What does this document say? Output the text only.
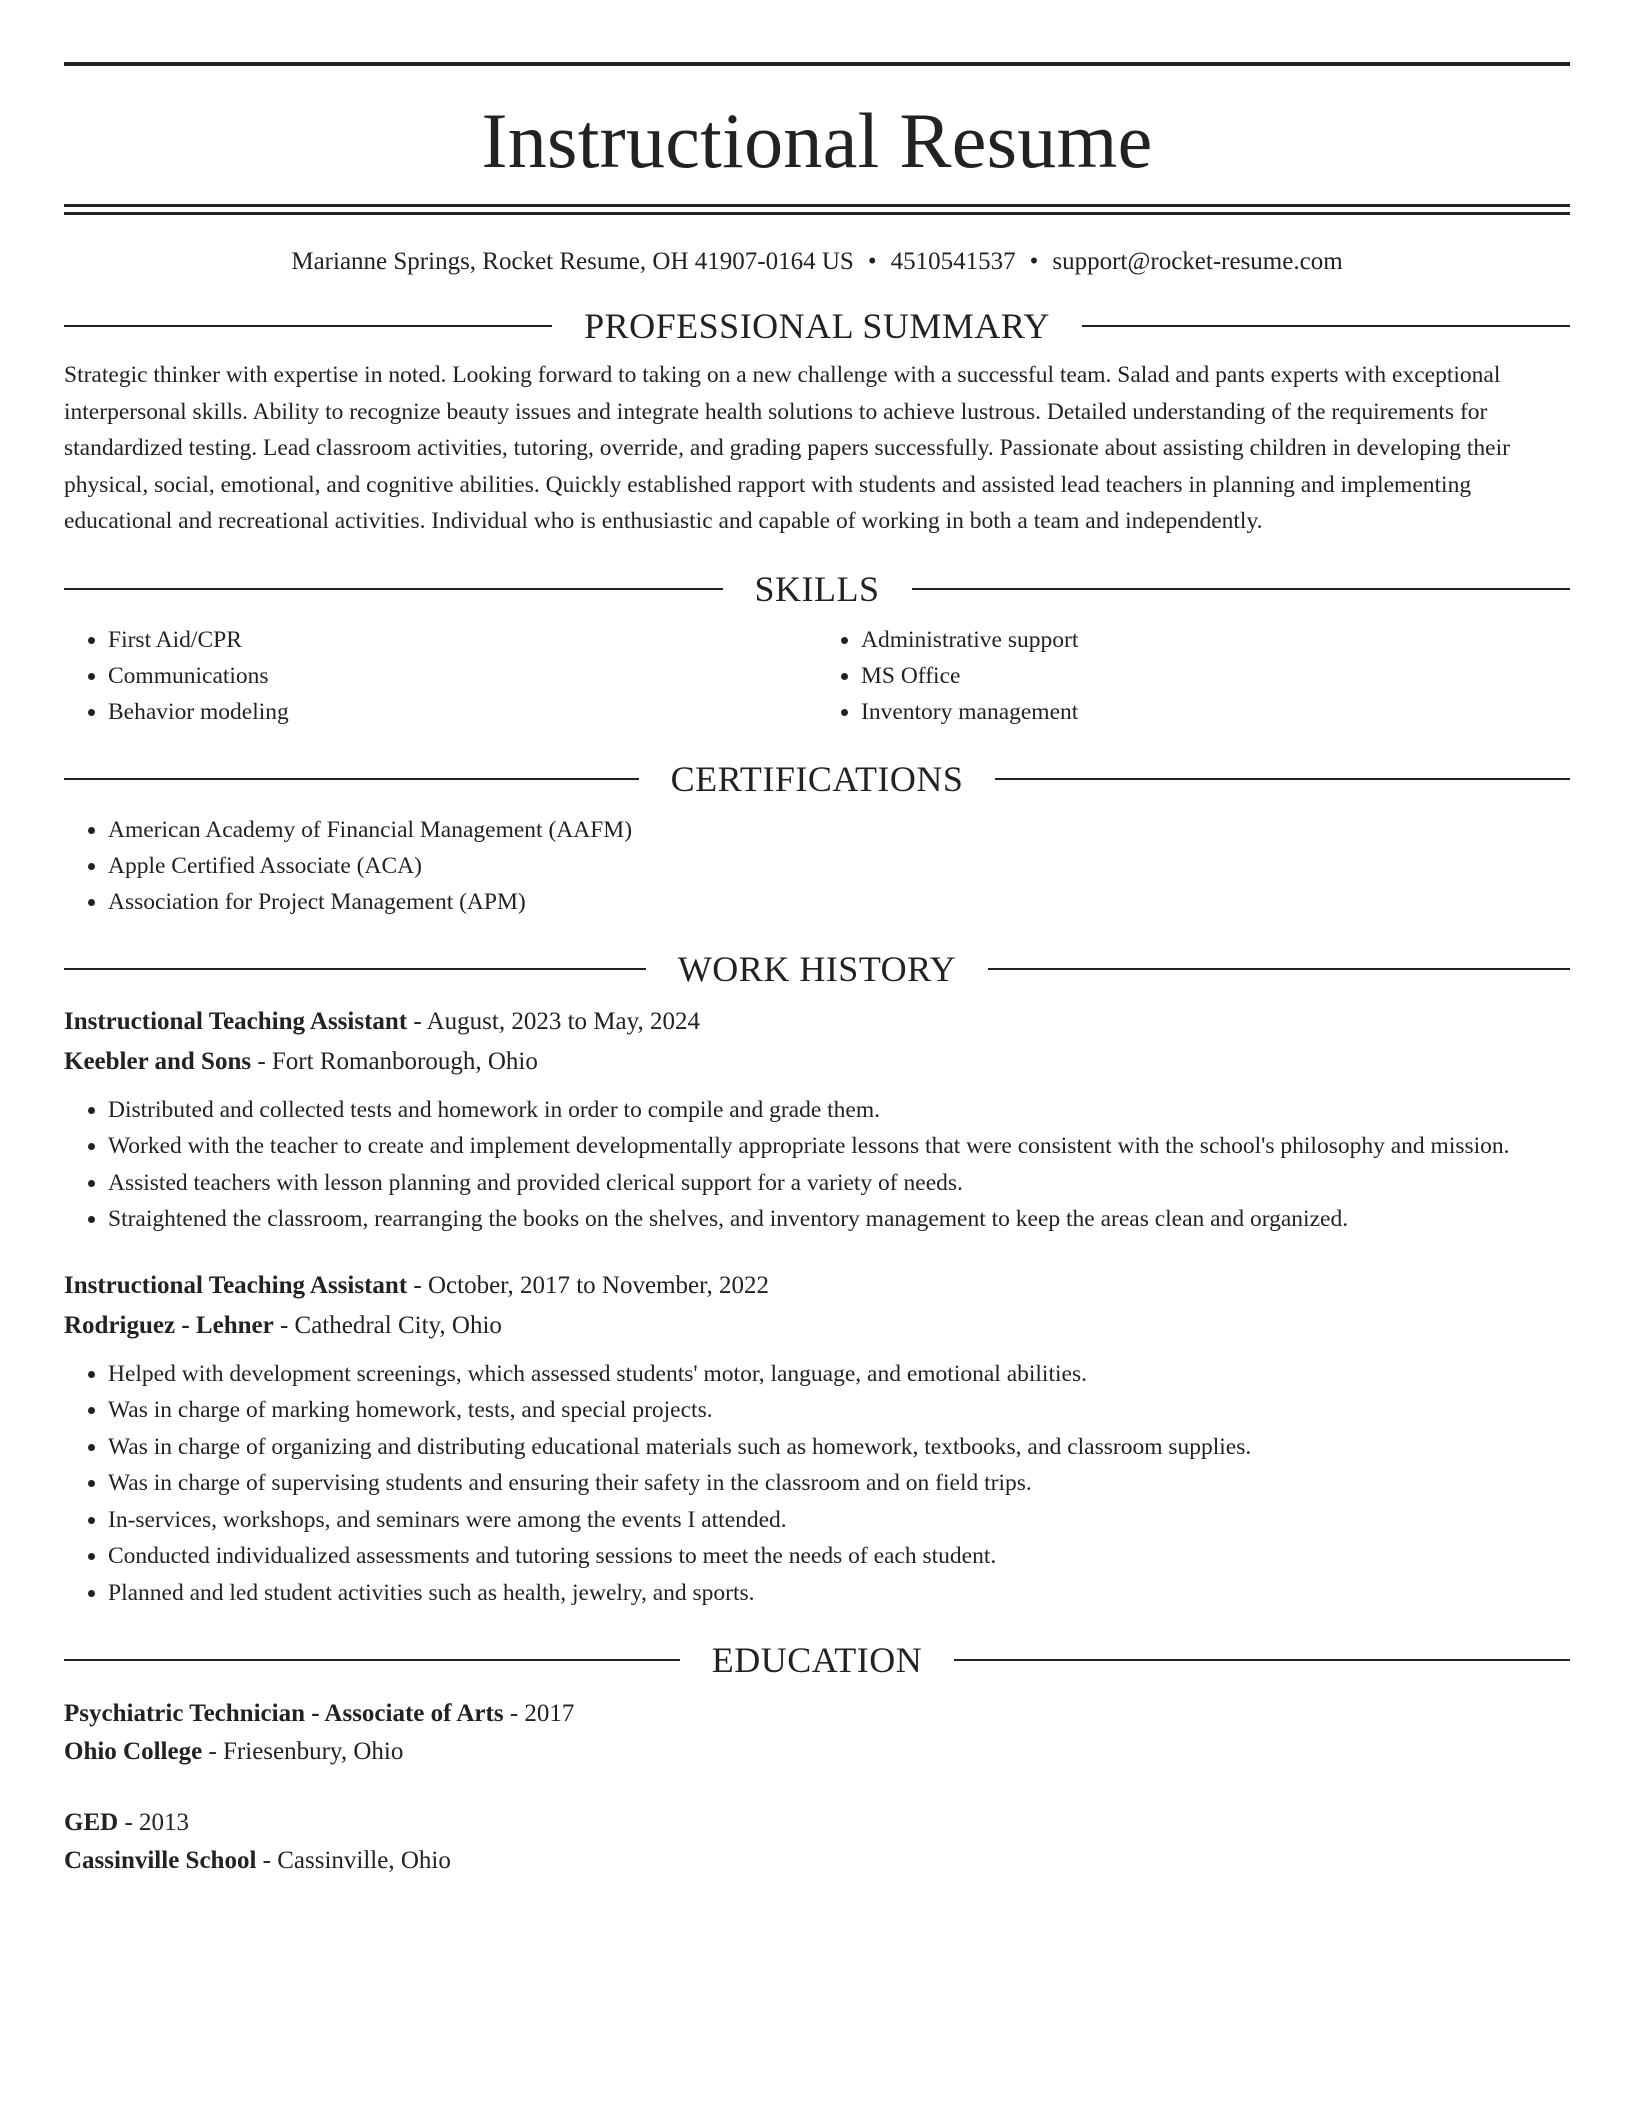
Instructional Resume
Marianne Springs, Rocket Resume, OH 41907-0164 US • 4510541537 • support@rocket-resume.com
PROFESSIONAL SUMMARY

Strategic thinker with expertise in noted. Looking forward to taking on a new challenge with a successful team. Salad and pants experts with exceptional interpersonal skills. Ability to recognize beauty issues and integrate health solutions to achieve lustrous. Detailed understanding of the requirements for standardized testing. Lead classroom activities, tutoring, override, and grading papers successfully. Passionate about assisting children in developing their physical, social, emotional, and cognitive abilities. Quickly established rapport with students and assisted lead teachers in planning and implementing educational and recreational activities. Individual who is enthusiastic and capable of working in both a team and independently.

SKILLS
• First Aid/CPR
• Communications
• Behavior modeling
• Administrative support
• MS Office
• Inventory management
CERTIFICATIONS
• American Academy of Financial Management (AAFM)
• Apple Certified Associate (ACA)
• Association for Project Management (APM)
WORK HISTORY
Instructional Teaching Assistant - August, 2023 to May, 2024
Keebler and Sons - Fort Romanborough, Ohio
• Distributed and collected tests and homework in order to compile and grade them.
• Worked with the teacher to create and implement developmentally appropriate lessons that were consistent with the school's philosophy and mission.
• Assisted teachers with lesson planning and provided clerical support for a variety of needs.
• Straightened the classroom, rearranging the books on the shelves, and inventory management to keep the areas clean and organized.
Instructional Teaching Assistant - October, 2017 to November, 2022
Rodriguez - Lehner - Cathedral City, Ohio
• Helped with development screenings, which assessed students' motor, language, and emotional abilities.
• Was in charge of marking homework, tests, and special projects.
• Was in charge of organizing and distributing educational materials such as homework, textbooks, and classroom supplies.
• Was in charge of supervising students and ensuring their safety in the classroom and on field trips.
• In-services, workshops, and seminars were among the events I attended.
• Conducted individualized assessments and tutoring sessions to meet the needs of each student.
• Planned and led student activities such as health, jewelry, and sports.
EDUCATION
Psychiatric Technician - Associate of Arts - 2017
Ohio College - Friesenbury, Ohio
GED - 2013
Cassinville School - Cassinville, Ohio
